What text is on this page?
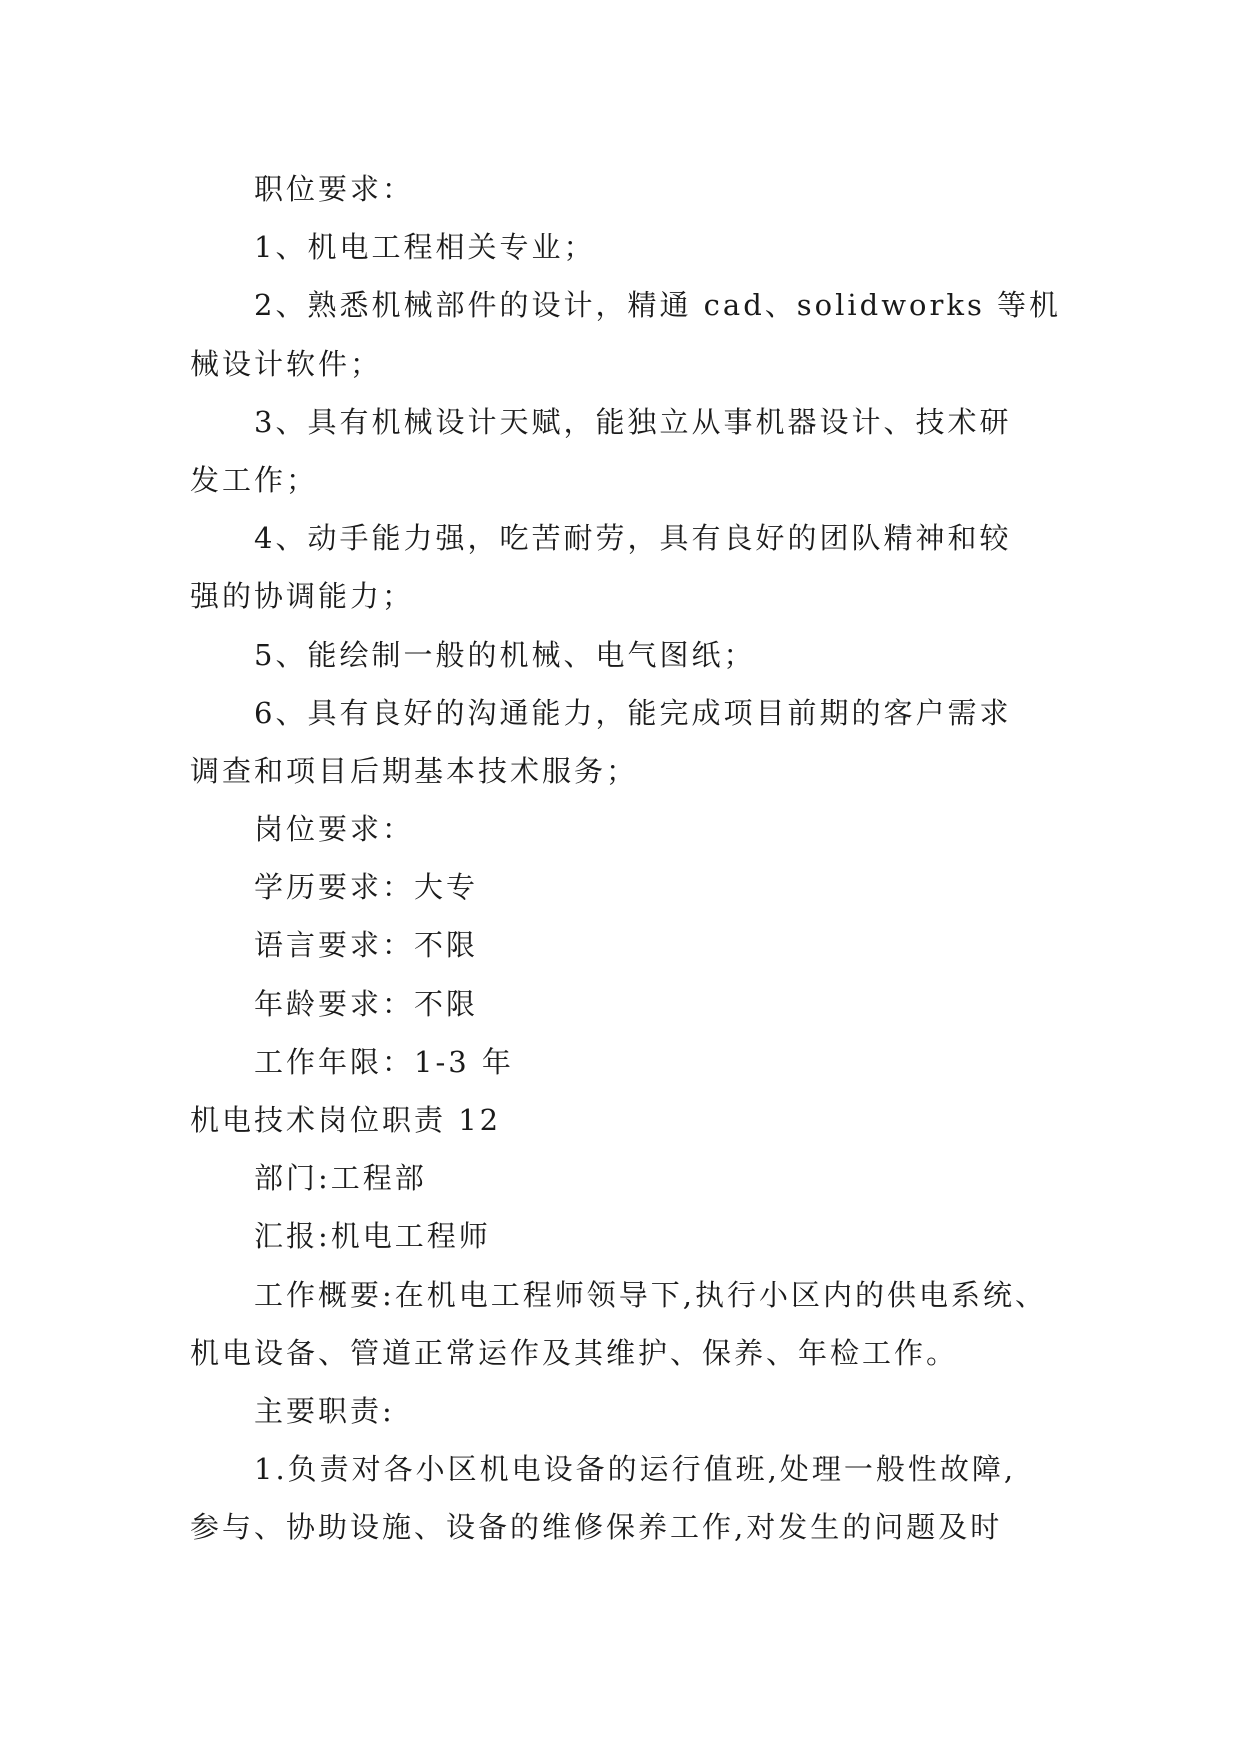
职位要求：
1、机电工程相关专业；
2、熟悉机械部件的设计，精通 cad、solidworks 等机
械设计软件；
3、具有机械设计天赋，能独立从事机器设计、技术研
发工作；
4、动手能力强，吃苦耐劳，具有良好的团队精神和较
强的协调能力；
5、能绘制一般的机械、电气图纸；
6、具有良好的沟通能力，能完成项目前期的客户需求
调查和项目后期基本技术服务；
岗位要求：
学历要求：大专
语言要求：不限
年龄要求：不限
工作年限：1-3 年
机电技术岗位职责 12
部门:工程部
汇报:机电工程师
工作概要:在机电工程师领导下,执行小区内的供电系统、
机电设备、管道正常运作及其维护、保养、年检工作。
主要职责:
1.负责对各小区机电设备的运行值班,处理一般性故障,
参与、协助设施、设备的维修保养工作,对发生的问题及时
